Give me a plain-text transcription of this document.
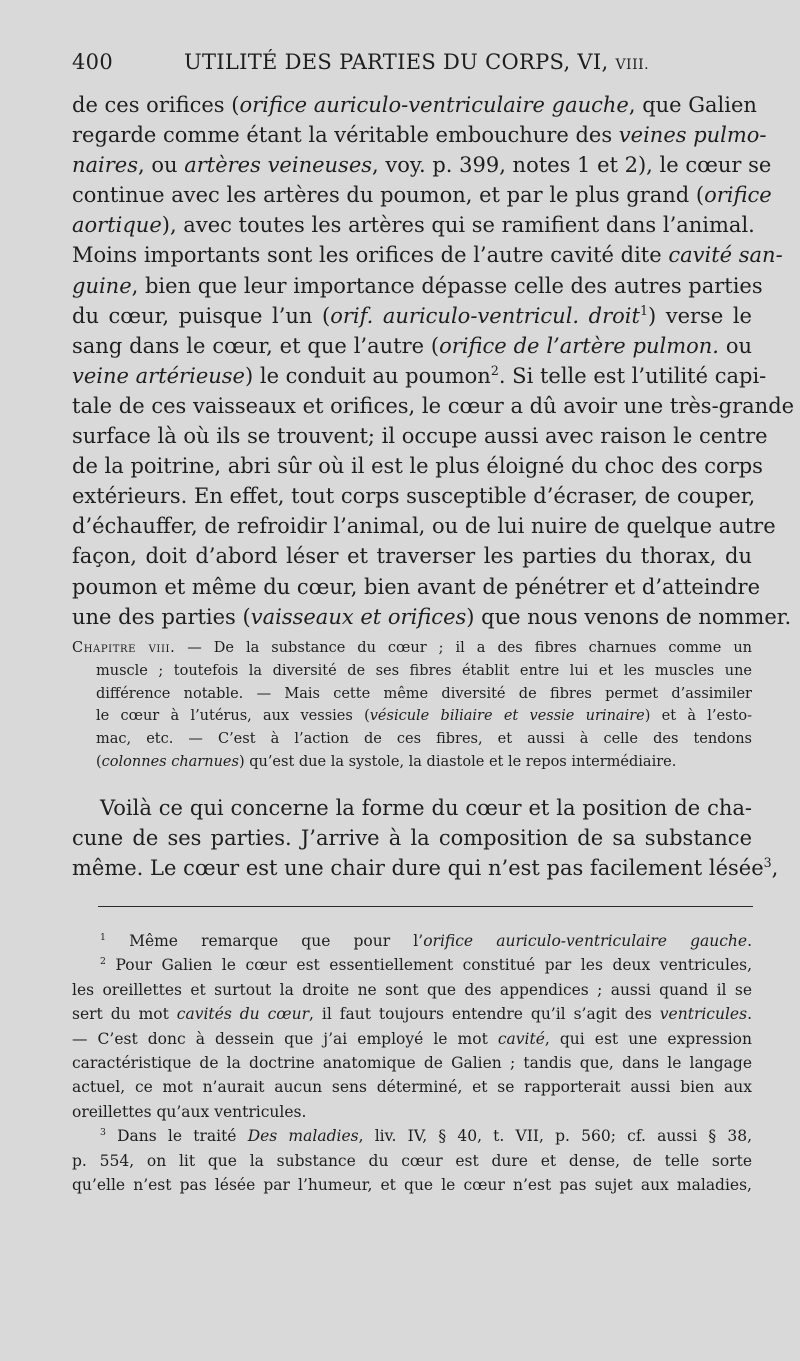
400	UTILITÉ DES PARTIES DU CORPS, VI, VIII.
de ces orifices (orifice auriculo-ventriculaire gauche, que Galien
regarde comme étant la véritable embouchure des veines pulmo-
naires, ou artères veineuses, voy. p. 399, notes 1 et 2), le cœur se
continue avec les artères du poumon, et par le plus grand (orifice
aortique), avec toutes les artères qui se ramifient dans l’animal.
Moins importants sont les orifices de l’autre cavité dite cavité san-
guine, bien que leur importance dépasse celle des autres parties
du cœur, puisque l’un (orif. auriculo-ventricul. droit$^1$) verse le
sang dans le cœur, et que l’autre (orifice de l’artère pulmon. ou
veine artérieuse) le conduit au poumon$^2$. Si telle est l’utilité capi-
tale de ces vaisseaux et orifices, le cœur a dû avoir une très-grande
surface là où ils se trouvent; il occupe aussi avec raison le centre
de la poitrine, abri sûr où il est le plus éloigné du choc des corps
extérieurs. En effet, tout corps susceptible d’écraser, de couper,
d’échauffer, de refroidir l’animal, ou de lui nuire de quelque autre
façon, doit d’abord léser et traverser les parties du thorax, du
poumon et même du cœur, bien avant de pénétrer et d’atteindre
une des parties (vaisseaux et orifices) que nous venons de nommer.
Chapitre viii. — De la substance du cœur ; il a des fibres charnues comme un
muscle ; toutefois la diversité de ses fibres établit entre lui et les muscles une
différence notable. — Mais cette même diversité de fibres permet d’assimiler
le cœur à l’utérus, aux vessies (vésicule biliaire et vessie urinaire) et à l’esto-
mac, etc. — C’est à l’action de ces fibres, et aussi à celle des tendons
(colonnes charnues) qu’est due la systole, la diastole et le repos intermédiaire.
Voilà ce qui concerne la forme du cœur et la position de cha-
cune de ses parties. J’arrive à la composition de sa substance
même. Le cœur est une chair dure qui n’est pas facilement lésée$^3$,
$^1$ Même remarque que pour l’orifice auriculo-ventriculaire gauche.
$^2$ Pour Galien le cœur est essentiellement constitué par les deux ventricules,
les oreillettes et surtout la droite ne sont que des appendices ; aussi quand il se
sert du mot cavités du cœur, il faut toujours entendre qu’il s’agit des ventricules.
— C’est donc à dessein que j’ai employé le mot cavité, qui est une expression
caractéristique de la doctrine anatomique de Galien ; tandis que, dans le langage
actuel, ce mot n’aurait aucun sens déterminé, et se rapporterait aussi bien aux
oreillettes qu’aux ventricules.
$^3$ Dans le traité Des maladies, liv. IV, § 40, t. VII, p. 560; cf. aussi § 38,
p. 554, on lit que la substance du cœur est dure et dense, de telle sorte
qu’elle n’est pas lésée par l’humeur, et que le cœur n’est pas sujet aux maladies,
